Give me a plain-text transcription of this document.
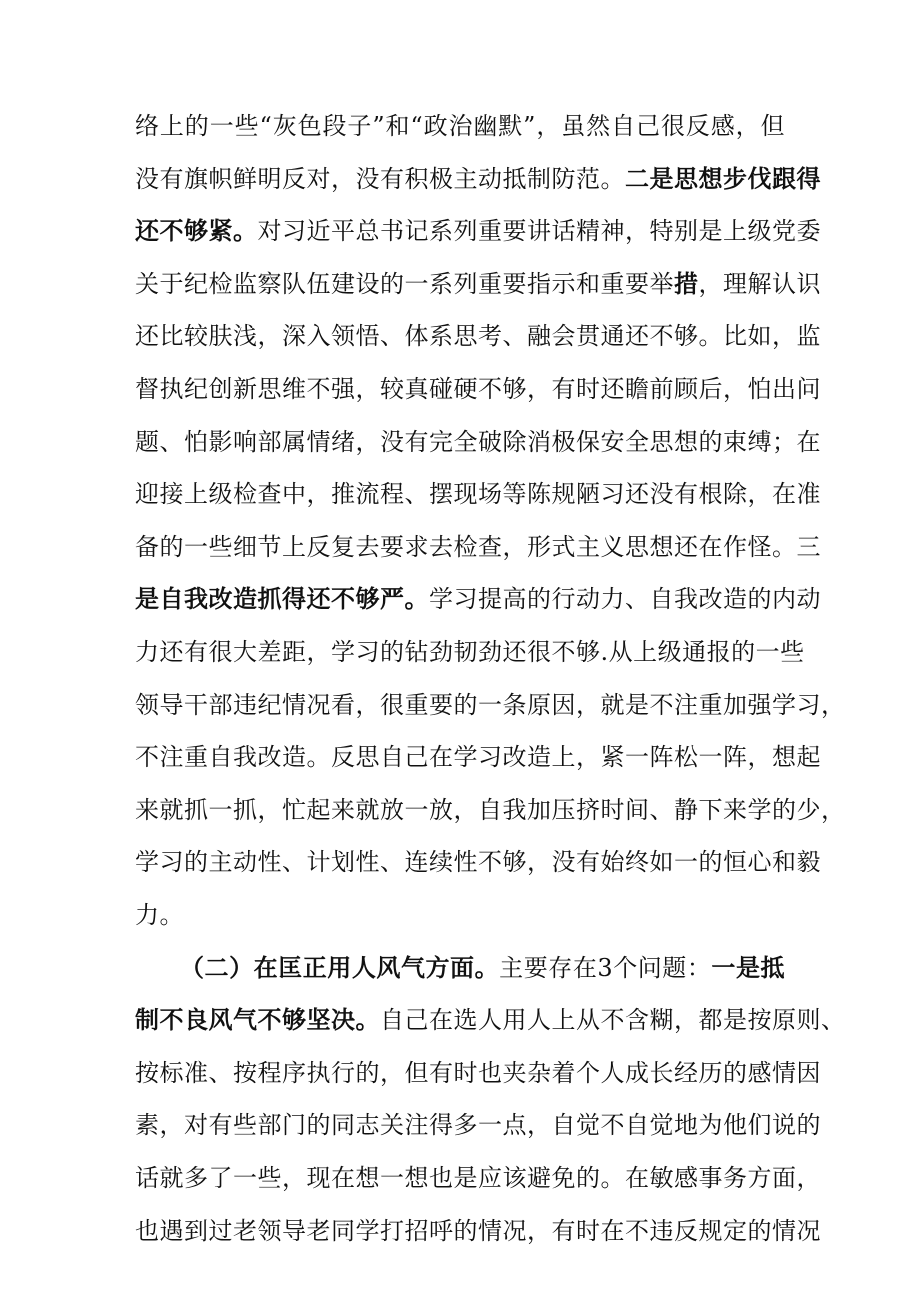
络上的一些“灰色段子”和“政治幽默”，虽然自己很反感，但
没有旗帜鲜明反对，没有积极主动抵制防范。二是思想步伐跟得
还不够紧。对习近平总书记系列重要讲话精神，特别是上级党委
关于纪检监察队伍建设的一系列重要指示和重要举措，理解认识
还比较肤浅，深入领悟、体系思考、融会贯通还不够。比如，监
督执纪创新思维不强，较真碰硬不够，有时还瞻前顾后，怕出问
题、怕影响部属情绪，没有完全破除消极保安全思想的束缚；在
迎接上级检查中，推流程、摆现场等陈规陋习还没有根除，在准
备的一些细节上反复去要求去检查，形式主义思想还在作怪。三
是自我改造抓得还不够严。学习提高的行动力、自我改造的内动
力还有很大差距，学习的钻劲韧劲还很不够.从上级通报的一些
领导干部违纪情况看，很重要的一条原因，就是不注重加强学习，
不注重自我改造。反思自己在学习改造上，紧一阵松一阵，想起
来就抓一抓，忙起来就放一放，自我加压挤时间、静下来学的少，
学习的主动性、计划性、连续性不够，没有始终如一的恒心和毅
力。
（二）在匡正用人风气方面。主要存在3个问题：一是抵
制不良风气不够坚决。自己在选人用人上从不含糊，都是按原则、
按标准、按程序执行的，但有时也夹杂着个人成长经历的感情因
素，对有些部门的同志关注得多一点，自觉不自觉地为他们说的
话就多了一些，现在想一想也是应该避免的。在敏感事务方面，
也遇到过老领导老同学打招呼的情况，有时在不违反规定的情况
